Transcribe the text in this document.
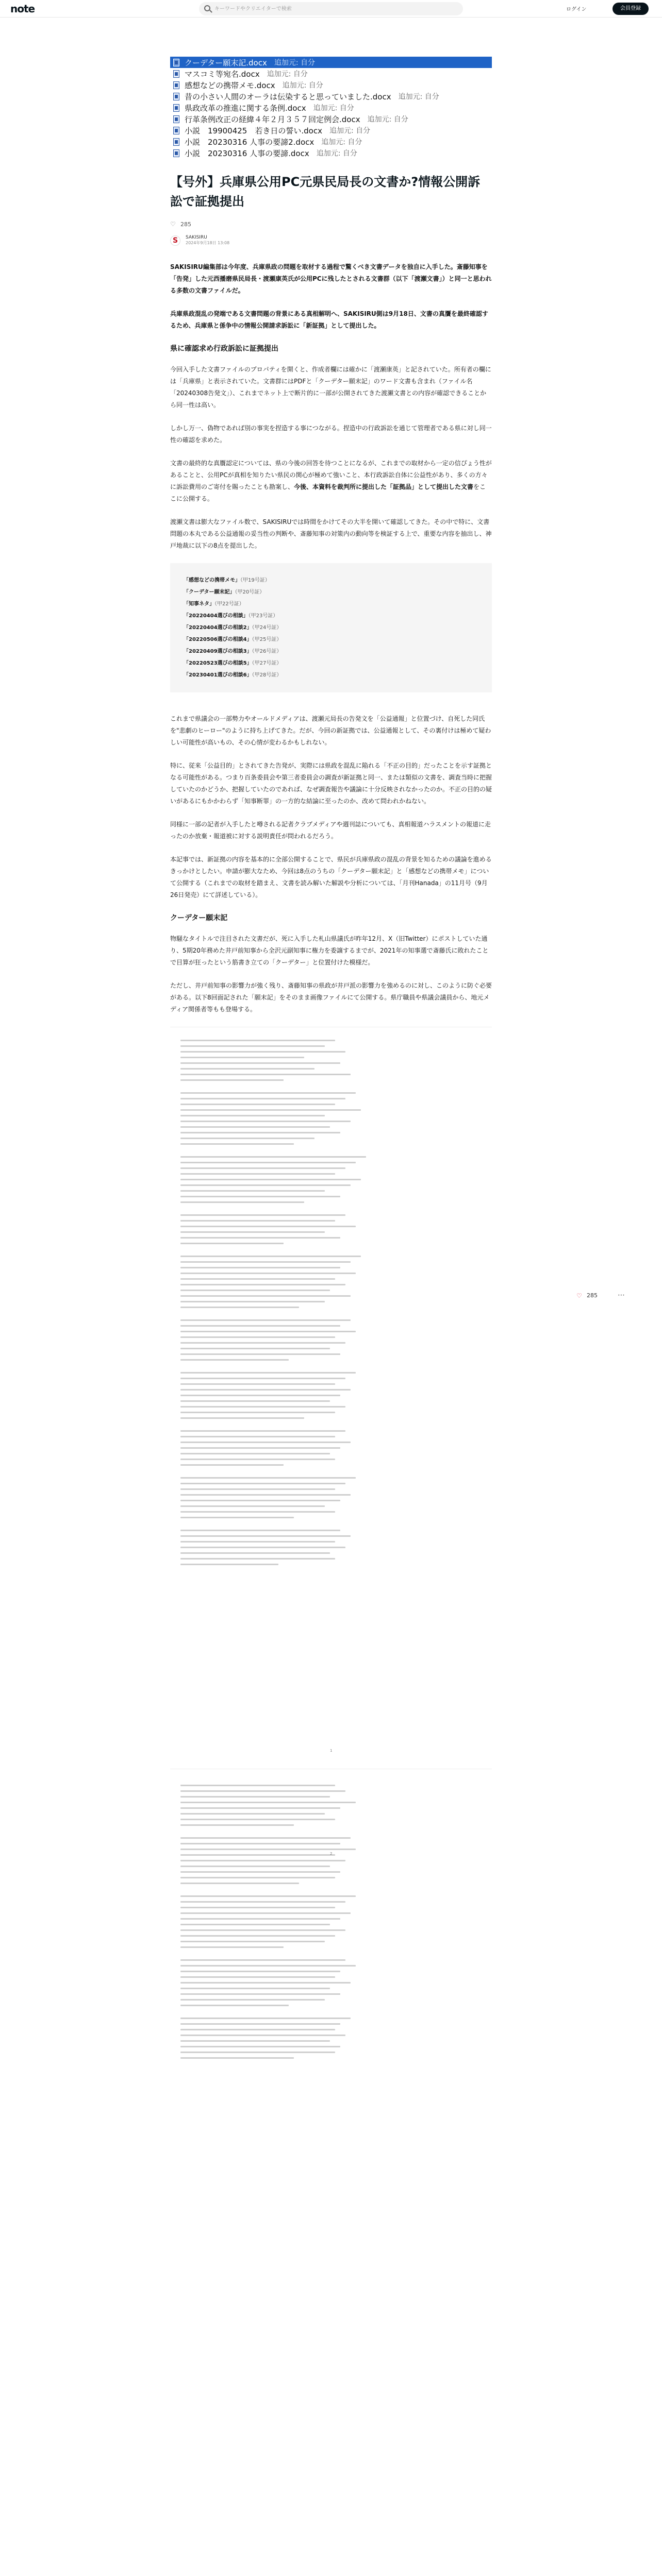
note
キーワードやクリエイターで検索	ログイン	会員登録
クーデター願末記.docx 追加元: 自分
マスコミ等宛名.docx 追加元: 自分
感想などの携帯メモ.docx 追加元: 自分
昔の小さい人間のオーラは伝染すると思っていました.docx 追加元: 自分
県政改革の推進に関する条例.docx 追加元: 自分
行革条例改正の経緯４年２月３５７回定例会.docx 追加元: 自分
小説　19900425　若き日の誓い.docx 追加元: 自分
小説　20230316 人事の要諦2.docx 追加元: 自分
小説　20230316 人事の要諦.docx 追加元: 自分
【号外】兵庫県公用PC元県民局長の文書か?情報公開訴訟で証拠提出
♡ 285
S
SAKISIRU
2024年9月18日 13:08

SAKISIRU編集部は今年度、兵庫県政の問題を取材する過程で驚くべき文書データを独自に入手した。斎藤知事を「告発」した元西播磨県民局長・渡瀬康英氏が公用PCに残したとされる文書群（以下「渡瀬文書」）と同一と思われる多数の文書ファイルだ。

兵庫県政混乱の発端である文書問題の背景にある真相解明へ、SAKISIRU側は9月18日、文書の真贋を最終確認するため、兵庫県と係争中の情報公開請求訴訟に「新証拠」として提出した。

県に確認求め行政訴訟に証拠提出

今回入手した文書ファイルのプロパティを開くと、作成者欄には確かに「渡瀬康英」と記されていた。所有者の欄には「兵庫県」と表示されていた。文書群にはPDFと「クーデター願末記」のワード文書も含まれ（ファイル名「20240308告発文」）、これまでネット上で断片的に一部が公開されてきた渡瀬文書との内容が確認できることから同一性は高い。

しかし万一、偽物であれば別の事実を捏造する事につながる。捏造中の行政訴訟を通じて管理者である県に対し同一性の確認を求めた。

文書の最終的な真贋認定については、県の今後の回答を待つことになるが、これまでの取材から一定の信ぴょう性があることと、公用PCが真相を知りたい県民の関心が極めて強いこと、本行政訴訟自体に公益性があり、多くの方々に訴訟費用のご寄付を賜ったことも勘案し、今後、本資料を裁判所に提出した「証拠品」として提出した文書をここに公開する。

渡瀬文書は膨大なファイル数で、SAKISIRUでは時間をかけてその大半を開いて確認してきた。その中で特に、文書問題の本丸である公益通報の妥当性の判断や、斎藤知事の対策内の動向等を検証する上で、重要な内容を抽出し、神戸地裁に以下の8点を提出した。

「感想などの携帯メモ」（甲19号証）
「クーデター願末記」（甲20号証）
「知事ネタ」（甲22号証）
「20220404選びの相談」（甲23号証）
「20220404選びの相談2」（甲24号証）
「20220506選びの相談4」（甲25号証）
「20220409選びの相談3」（甲26号証）
「20220523選びの相談5」（甲27号証）
「20230401選びの相談6」（甲28号証）

これまで県議会の一部勢力やオールドメディアは、渡瀬元局長の告発文を「公益通報」と位置づけ、自死した同氏を"悲劇のヒーロー"のように持ち上げてきた。だが、今回の新証拠では、公益通報として、その裏付けは極めて疑わしい可能性が高いもの、その心情が変わるかもしれない。

特に、従来「公益目的」とされてきた告発が、実際には県政を混乱に陥れる「不正の目的」だったことを示す証拠となる可能性がある。つまり百条委員会や第三者委員会の調査が新証拠と同一、または類似の文書を、調査当時に把握していたのかどうか、把握していたのであれば、なぜ調査報告や議論に十分反映されなかったのか。不正の目的の疑いがあるにもかかわらず「知事断罪」の一方的な結論に至ったのか、改めて問われかねない。

同様に一部の記者が入手したと噂される記者クラブメディアや週刊誌についても、真相報道ハラスメントの報道に走ったのか放棄・報道被に対する説明責任が問われるだろう。

本記事では、新証拠の内容を基本的に全部公開することで、県民が兵庫県政の混乱の背景を知るための議論を進めるきっかけとしたい。申請が膨大なため、今回は8点のうちの「クーデター願末記」と「感想などの携帯メモ」について公開する（これまでの取材を踏まえ、文書を読み解いた解説や分析については、「月刊Hanada」の11月号（9月26日発売）にて詳述している）。

クーデター願末記

物騒なタイトルで注目された文書だが、死に入手した札山県議氏が昨年12月、X（旧Twitter）にポストしていた通り、5期20年務めた井戸前知事から全沢元副知事に権力を委譲するまでが、2021年の知事選で斎藤氏に敗れたことで目算が狂ったという筋書き立ての「クーデター」と位置付けた模様だ。

ただし、井戸前知事の影響力が強く残り、斎藤知事の県政が井戸派の影響力を強めるのに対し、このように防ぐ必要がある。以下8回面記された「願末記」をそのまま画像ファイルにて公開する。県庁職員や県議会議員から、地元メディア関係者等もも登場する。

1
2
♡ 285	⋯
